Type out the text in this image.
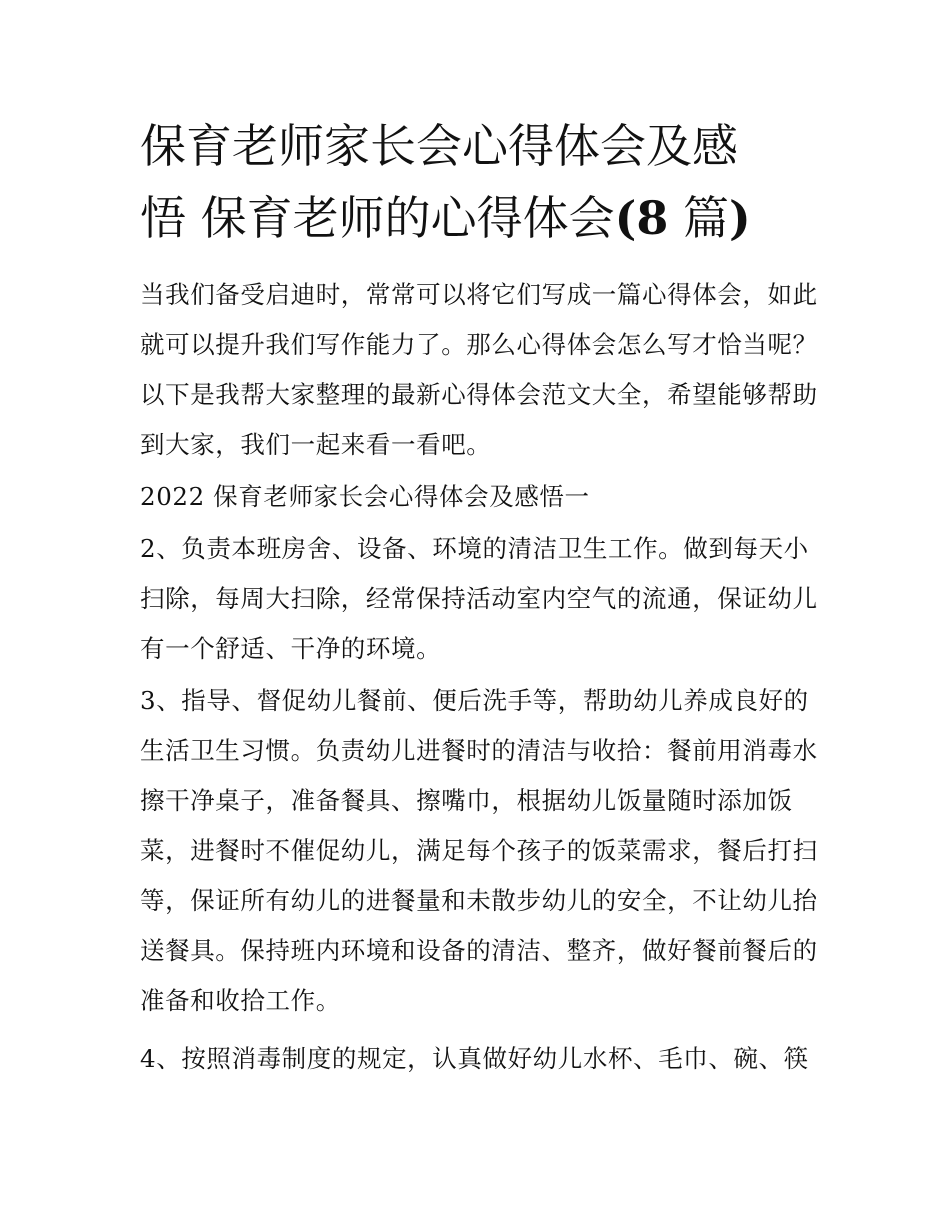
保育老师家长会心得体会及感
悟 保育老师的心得体会(8 篇)

当我们备受启迪时，常常可以将它们写成一篇心得体会，如此就可以提升我们写作能力了。那么心得体会怎么写才恰当呢？以下是我帮大家整理的最新心得体会范文大全，希望能够帮助到大家，我们一起来看一看吧。

2022 保育老师家长会心得体会及感悟一

2、负责本班房舍、设备、环境的清洁卫生工作。做到每天小扫除，每周大扫除，经常保持活动室内空气的流通，保证幼儿有一个舒适、干净的环境。

3、指导、督促幼儿餐前、便后洗手等，帮助幼儿养成良好的生活卫生习惯。负责幼儿进餐时的清洁与收拾：餐前用消毒水擦干净桌子，准备餐具、擦嘴巾，根据幼儿饭量随时添加饭菜，进餐时不催促幼儿，满足每个孩子的饭菜需求，餐后打扫等，保证所有幼儿的进餐量和未散步幼儿的安全，不让幼儿抬送餐具。保持班内环境和设备的清洁、整齐，做好餐前餐后的准备和收拾工作。

4、按照消毒制度的规定，认真做好幼儿水杯、毛巾、碗、筷
